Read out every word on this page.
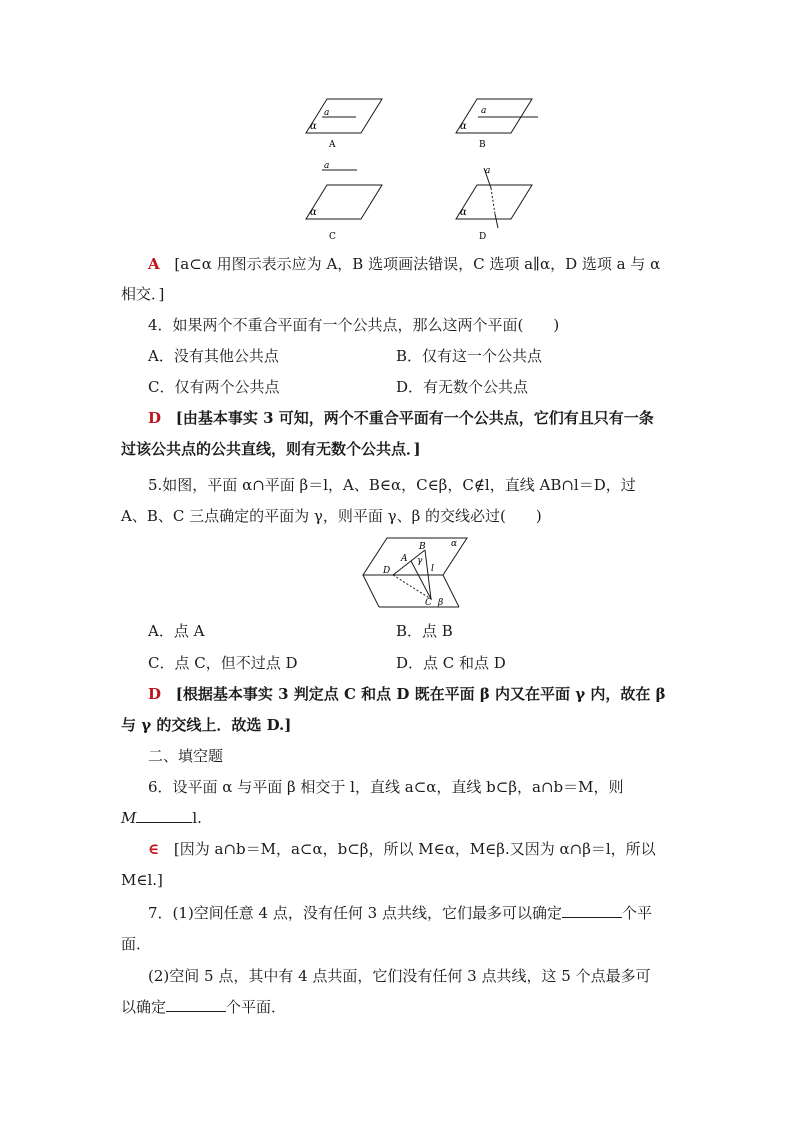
a
α
A
a
α
B
a
α
C
a
α
D
A [a⊂α 用图示表示应为 A，B 选项画法错误，C 选项 a∥α，D 选项 a 与 α
相交．]
4．如果两个不重合平面有一个公共点，那么这两个平面(　　)
A．没有其他公共点	B．仅有这一个公共点
C．仅有两个公共点	D．有无数个公共点
D [由基本事实 3 可知，两个不重合平面有一个公共点，它们有且只有一条
过该公共点的公共直线，则有无数个公共点．]
5.如图，平面 α∩平面 β＝l，A、B∈α，C∈β，C∉l，直线 AB∩l＝D，过
A、B、C 三点确定的平面为 γ，则平面 γ、β 的交线必过(　　)
D
A
B
γ
l
α
C β
A．点 A	B．点 B
C．点 C，但不过点 D	D．点 C 和点 D
D [根据基本事实 3 判定点 C 和点 D 既在平面 β 内又在平面 γ 内，故在 β
与 γ 的交线上．故选 D.]
二、填空题
6．设平面 α 与平面 β 相交于 l，直线 a⊂α，直线 b⊂β，a∩b＝M，则
M	l.
∈ [因为 a∩b＝M，a⊂α，b⊂β，所以 M∈α，M∈β.又因为 α∩β＝l，所以
M∈l.]
7．(1)空间任意 4 点，没有任何 3 点共线，它们最多可以确定	个平
面．
(2)空间 5 点，其中有 4 点共面，它们没有任何 3 点共线，这 5 个点最多可
以确定	个平面．
